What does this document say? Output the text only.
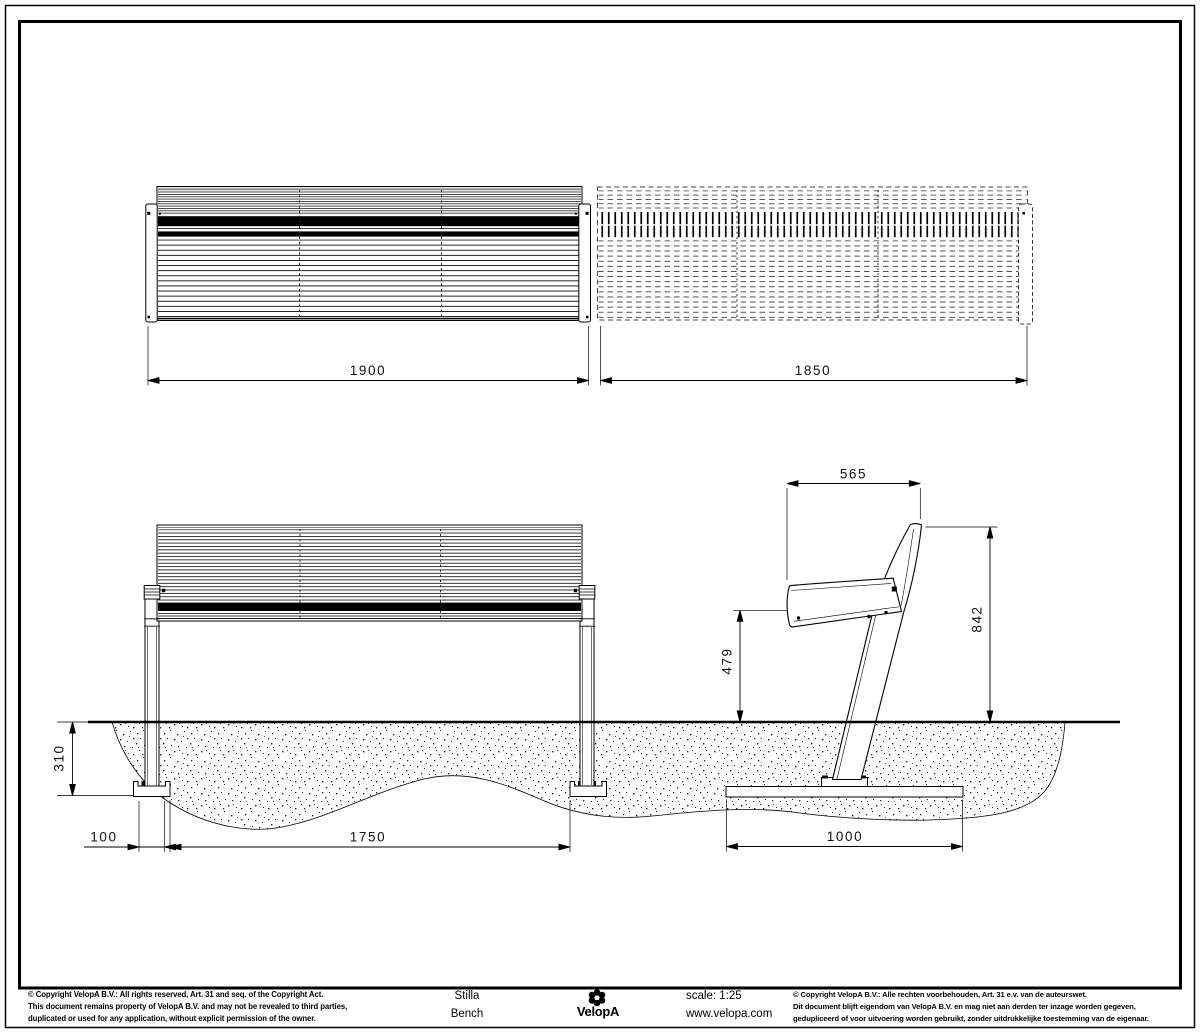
1900	1850
565
842
479
310
100	1750	1000
© Copyright VelopA B.V.: All rights reserved, Art. 31 and seq. of the Copyright Act.
This document remains property of VelopA B.V. and may not be revealed to third parties,
duplicated or used for any application, without explicit permission of the owner.
Stilla
Bench	VelopA
scale: 1:25
www.velopa.com
© Copyright VelopA B.V.: Alle rechten voorbehouden, Art. 31 e.v. van de auteurswet.
Dit document blijft eigendom van VelopA B.V. en mag niet aan derden ter inzage worden gegeven,
gedupliceerd of voor uitvoering worden gebruikt, zonder uitdrukkelijke toestemming van de eigenaar.
